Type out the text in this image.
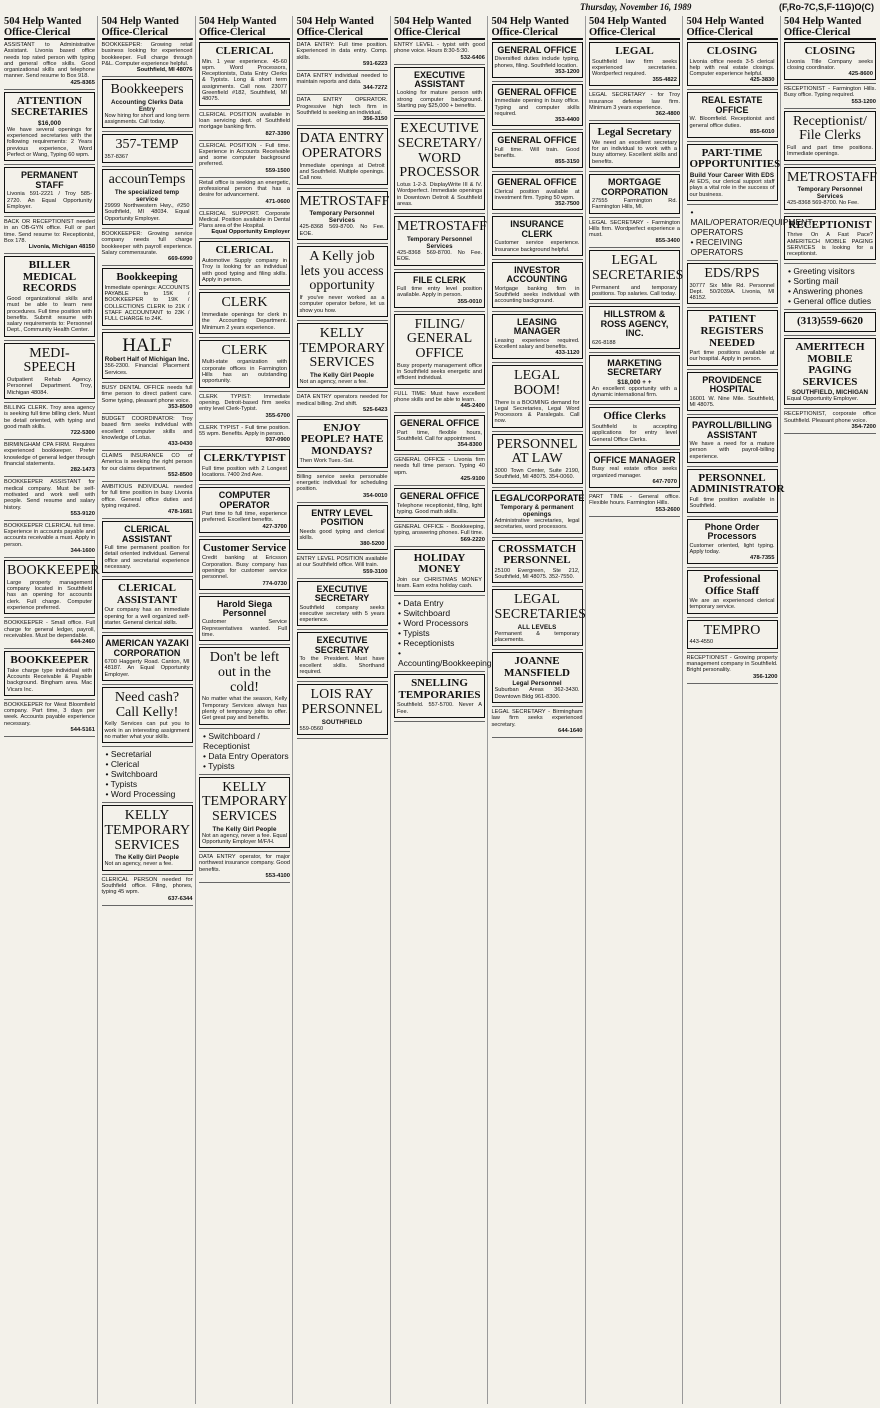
Thursday, November 16, 1989	(F,Ro-7C,S,F-11G)O(C)
504 Help Wanted Office-Clerical
ASSISTANT to Administrative Assistant. Livonia based office needs top rated person with typing and general office skills. Good organizational skills and telephone manner. Send resume to Box 918.
425-8365
ATTENTION SECRETARIES
$16,000
We have several openings for experienced secretaries with the following requirements: 2 Years previous experience, Word Perfect or Wang, Typing 60 wpm.
PERMANENT STAFF
Livonia 591-2221 / Troy 585-2720. An Equal Opportunity Employer.
BACK OR RECEPTIONIST needed in an OB-GYN office. Full or part time. Send resume to: Receptionist, Box 178.
Livonia, Michigan 48150
BILLER MEDICAL RECORDS
Good organizational skills and must be able to learn new procedures. Full time position with benefits. Submit resume with salary requirements to: Personnel Dept., Community Health Center.
MEDI-SPEECH
Outpatient Rehab Agency. Personnel Department. Troy, Michigan 48084.
BILLING CLERK. Troy area agency is seeking full time billing clerk. Must be detail oriented, with typing and good math skills.
722-5300
BIRMINGHAM CPA FIRM. Requires experienced bookkeeper. Prefer knowledge of general ledger through financial statements.
282-1473
BOOKKEEPER ASSISTANT for medical company. Must be self-motivated and work well with people. Send resume and salary history.
553-9120
BOOKKEEPER CLERICAL full time. Experience in accounts payable and accounts receivable a must. Apply in person.
344-1600
BOOKKEEPER
Large property management company located in Southfield has an opening for accounts clerk. Full charge. Computer experience preferred.
BOOKKEEPER - Small office. Full charge for general ledger, payroll, receivables. Must be dependable.
644-2460
BOOKKEEPER
Take charge type individual with Accounts Receivable & Payable background. Bingham area. Mac Vicars Inc.
BOOKKEEPER for West Bloomfield company. Part time, 3 days per week. Accounts payable experience necessary.
544-5161
504 Help Wanted Office-Clerical
BOOKKEEPER: Growing retail business looking for experienced bookkeeper. Full charge through P&L. Computer experience helpful.
Southfield, MI 48076
Bookkeepers
Accounting Clerks Data Entry
Now hiring for short and long term assignments. Call today.
357-TEMP
357-8367
accounTemps
The specialized temp service
29999 Northwestern Hwy., #250 Southfield, MI 48034. Equal Opportunity Employer.
BOOKKEEPER: Growing service company needs full charge bookkeeper with payroll experience. Salary commensurate.
669-6990
Bookkeeping
Immediate openings: ACCOUNTS PAYABLE to 15K / BOOKKEEPER to 19K / COLLECTIONS CLERK to 21K / STAFF ACCOUNTANT to 23K / FULL CHARGE to 24K.
HALF
Robert Half of Michigan Inc.
356-2300. Financial Placement Services.
BUSY DENTAL OFFICE needs full time person to direct patient care. Some typing, pleasant phone voice.
353-8500
BUDGET COORDINATOR: Troy based firm seeks individual with excellent computer skills and knowledge of Lotus.
433-0430
CLAIMS INSURANCE CO of America is seeking the right person for our claims department.
552-8500
AMBITIOUS INDIVIDUAL needed for full time position in busy Livonia office. General office duties and typing required.
478-1681
CLERICAL ASSISTANT
Full time permanent position for detail oriented individual. General office and secretarial experience necessary.
CLERICAL ASSISTANT
Our company has an immediate opening for a well organized self-starter. General clerical skills.
AMERICAN YAZAKI CORPORATION
6700 Haggerty Road. Canton, MI 48187. An Equal Opportunity Employer.
Need cash? Call Kelly!
Kelly Services can put you to work in an interesting assignment no matter what your skills.
• Secretarial
• Clerical
• Switchboard
• Typists
• Word Processing
KELLY TEMPORARY SERVICES
The Kelly Girl People
Not an agency, never a fee.
CLERICAL PERSON needed for Southfield office. Filing, phones, typing 45 wpm.
637-6344
504 Help Wanted Office-Clerical
CLERICAL
Min. 1 year experience. 45-60 wpm. Word Processors, Receptionists, Data Entry Clerks & Typists. Long & short term assignments. Call now. 23077 Greenfield #182, Southfield, MI 48075.
CLERICAL POSITION available in loan servicing dept. of Southfield mortgage banking firm.
827-3390
CLERICAL POSITION - Full time. Experience in Accounts Receivable and some computer background preferred.
559-1500
Retail office is seeking an energetic, professional person that has a desire for advancement.
471-0600
CLERICAL SUPPORT. Corporate Medical. Position available in Dental Plans area of the Hospital.
Equal Opportunity Employer
CLERICAL
Automotive Supply company in Troy is looking for an individual with good typing and filing skills. Apply in person.
CLERK
Immediate openings for clerk in the Accounting Department. Minimum 2 years experience.
CLERK
Multi-state organization with corporate offices in Farmington Hills has an outstanding opportunity.
CLERK TYPIST: Immediate opening. Detroit-based firm seeks entry level Clerk-Typist.
355-6700
CLERK TYPIST - Full time position. 55 wpm. Benefits. Apply in person.
937-0900
CLERK/TYPIST
Full time position with 2 Longest locations. 7400 2nd Ave.
COMPUTER OPERATOR
Part time to full time, experience preferred. Excellent benefits.
427-3700
Customer Service
Credit banking at Ericsson Corporation. Busy company has openings for customer service personnel.
774-0730
Harold Siega Personnel
Customer Service Representatives wanted. Full time.
Don't be left out in the cold!
No matter what the season, Kelly Temporary Services always has plenty of temporary jobs to offer. Get great pay and benefits.
• Switchboard / Receptionist
• Data Entry Operators
• Typists
KELLY TEMPORARY SERVICES
The Kelly Girl People
Not an agency, never a fee. Equal Opportunity Employer M/F/H.
DATA ENTRY operator, for major northwest insurance company. Good benefits.
553-4100
504 Help Wanted Office-Clerical
DATA ENTRY: Full time position. Experienced in data entry. Comp. skills.
591-6223
DATA ENTRY individual needed to maintain reports and data.
344-7272
DATA ENTRY OPERATOR. Progressive high tech firm in Southfield is seeking an individual.
356-3150
DATA ENTRY OPERATORS
Immediate openings at Detroit and Southfield. Multiple openings. Call now.
METROSTAFF
Temporary Personnel Services
425-8368 569-8700. No Fee. EOE.
A Kelly job lets you access opportunity
If you've never worked as a computer operator before, let us show you how.
KELLY TEMPORARY SERVICES
The Kelly Girl People
Not an agency, never a fee.
DATA ENTRY operators needed for medical billing. 2nd shift.
525-6423
ENJOY PEOPLE? HATE MONDAYS?
Then Work Tues.-Sat.
Billing service seeks personable energetic individual for scheduling position.
354-0010
ENTRY LEVEL POSITION
Needs good typing and clerical skills.
380-5200
ENTRY LEVEL POSITION available at our Southfield office. Will train.
559-3100
EXECUTIVE SECRETARY
Southfield company seeks executive secretary with 5 years experience.
EXECUTIVE SECRETARY
To the President. Must have excellent skills. Shorthand required.
LOIS RAY PERSONNEL
SOUTHFIELD
559-0560
504 Help Wanted Office-Clerical
ENTRY LEVEL - typist with good phone voice. Hours 8:30-5:30.
532-6406
EXECUTIVE ASSISTANT
Looking for mature person with strong computer background. Starting pay $25,000 + benefits.
EXECUTIVE SECRETARY/ WORD PROCESSOR
Lotus 1-2-3. DisplayWrite III & IV. Wordperfect. Immediate openings in Downtown Detroit & Southfield areas.
METROSTAFF
Temporary Personnel Services
425-8368 569-8700. No Fee. EOE.
FILE CLERK
Full time entry level position available. Apply in person.
355-0010
FILING/ GENERAL OFFICE
Busy property management office in Southfield seeks energetic and efficient individual.
FULL TIME: Must have excellent phone skills and be able to learn.
445-2400
GENERAL OFFICE
Part time, flexible hours, Southfield. Call for appointment.
354-8300
GENERAL OFFICE - Livonia firm needs full time person. Typing 40 wpm.
425-9100
GENERAL OFFICE
Telephone receptionist, filing, light typing. Good math skills.
GENERAL OFFICE - Bookkeeping, typing, answering phones. Full time.
569-2220
HOLIDAY MONEY
Join our CHRISTMAS MONEY team. Earn extra holiday cash.
• Data Entry
• Switchboard
• Word Processors
• Typists
• Receptionists
• Accounting/Bookkeeping
SNELLING TEMPORARIES
Southfield. 557-5700. Never A Fee.
504 Help Wanted Office-Clerical
GENERAL OFFICE
Diversified duties include typing, phones, filing. Southfield location.
353-1200
GENERAL OFFICE
Immediate opening in busy office. Typing and computer skills required.
353-4400
GENERAL OFFICE
Full time. Will train. Good benefits.
855-3150
GENERAL OFFICE
Clerical position available at investment firm. Typing 50 wpm.
352-7500
INSURANCE CLERK
Customer service experience. Insurance background helpful.
INVESTOR ACCOUNTING
Mortgage banking firm in Southfield seeks individual with accounting background.
LEASING MANAGER
Leasing experience required. Excellent salary and benefits.
433-1120
LEGAL BOOM!
There is a BOOMING demand for Legal Secretaries, Legal Word Processors & Paralegals. Call now.
PERSONNEL AT LAW
3000 Town Center, Suite 2190, Southfield, MI 48075. 354-0060.
LEGAL/CORPORATE
Temporary & permanent openings
Administrative secretaries, legal secretaries, word processors.
CROSSMATCH PERSONNEL
25100 Evergreen, Ste 212, Southfield, MI 48075. 352-7550.
LEGAL SECRETARIES
ALL LEVELS
Permanent & temporary placements.
JOANNE MANSFIELD
Legal Personnel
Suburban Areas 362-3430. Downtown Bldg 961-8300.
LEGAL SECRETARY - Birmingham law firm seeks experienced secretary.
644-1640
504 Help Wanted Office-Clerical
LEGAL
Southfield law firm seeks experienced secretaries. Wordperfect required.
355-4822
LEGAL SECRETARY - for Troy insurance defense law firm. Minimum 3 years experience.
362-4800
Legal Secretary
We need an excellent secretary for an individual to work with a busy attorney. Excellent skills and benefits.
MORTGAGE CORPORATION
27555 Farmington Rd. Farmington Hills, MI.
LEGAL SECRETARY - Farmington Hills firm. Wordperfect experience a must.
855-3400
LEGAL SECRETARIES
Permanent and temporary positions. Top salaries. Call today.
HILLSTROM & ROSS AGENCY, INC.
626-8188
MARKETING SECRETARY
$18,000 + +
An excellent opportunity with a dynamic international firm.
Office Clerks
Southfield is accepting applications for entry level General Office Clerks.
OFFICE MANAGER
Busy real estate office seeks organized manager.
647-7070
PART TIME - General office. Flexible hours. Farmington Hills.
553-2600
504 Help Wanted Office-Clerical
CLOSING
Livonia office needs 3-5 clerical help with real estate closings. Computer experience helpful.
425-3830
REAL ESTATE OFFICE
W. Bloomfield. Receptionist and general office duties.
855-6010
PART-TIME OPPORTUNITIES
Build Your Career With EDS
At EDS, our clerical support staff plays a vital role in the success of our business.
• MAIL/OPERATOR/EQUIPMENT OPERATORS
• RECEIVING OPERATORS
EDS/RPS
30777 Six Mile Rd. Personnel Dept. 50/2039A. Livonia, MI 48152.
PATIENT REGISTERS NEEDED
Part time positions available at our hospital. Apply in person.
PROVIDENCE HOSPITAL
16001 W. Nine Mile. Southfield, MI 48075.
PAYROLL/BILLING ASSISTANT
We have a need for a mature person with payroll-billing experience.
PERSONNEL ADMINISTRATOR
Full time position available in Southfield.
Phone Order Processors
Customer oriented, light typing. Apply today.
478-7355
Professional Office Staff
We are an experienced clerical temporary service.
TEMPRO
443-4550
RECEPTIONIST - Growing property management company in Southfield. Bright personality.
356-1200
504 Help Wanted Office-Clerical
CLOSING
Livonia Title Company seeks closing coordinator.
425-8600
RECEPTIONIST - Farmington Hills. Busy office. Typing required.
553-1200
Receptionist/ File Clerks
Full and part time positions. Immediate openings.
METROSTAFF
Temporary Personnel Services
425-8368 569-8700. No Fee.
RECEPTIONIST
Thrive On A Fast Pace? AMERITECH MOBILE PAGING SERVICES is looking for a receptionist.
• Greeting visitors
• Sorting mail
• Answering phones
• General office duties
(313)559-6620
AMERITECH MOBILE PAGING SERVICES
SOUTHFIELD, MICHIGAN
Equal Opportunity Employer.
RECEPTIONIST, corporate office Southfield. Pleasant phone voice.
354-7200
